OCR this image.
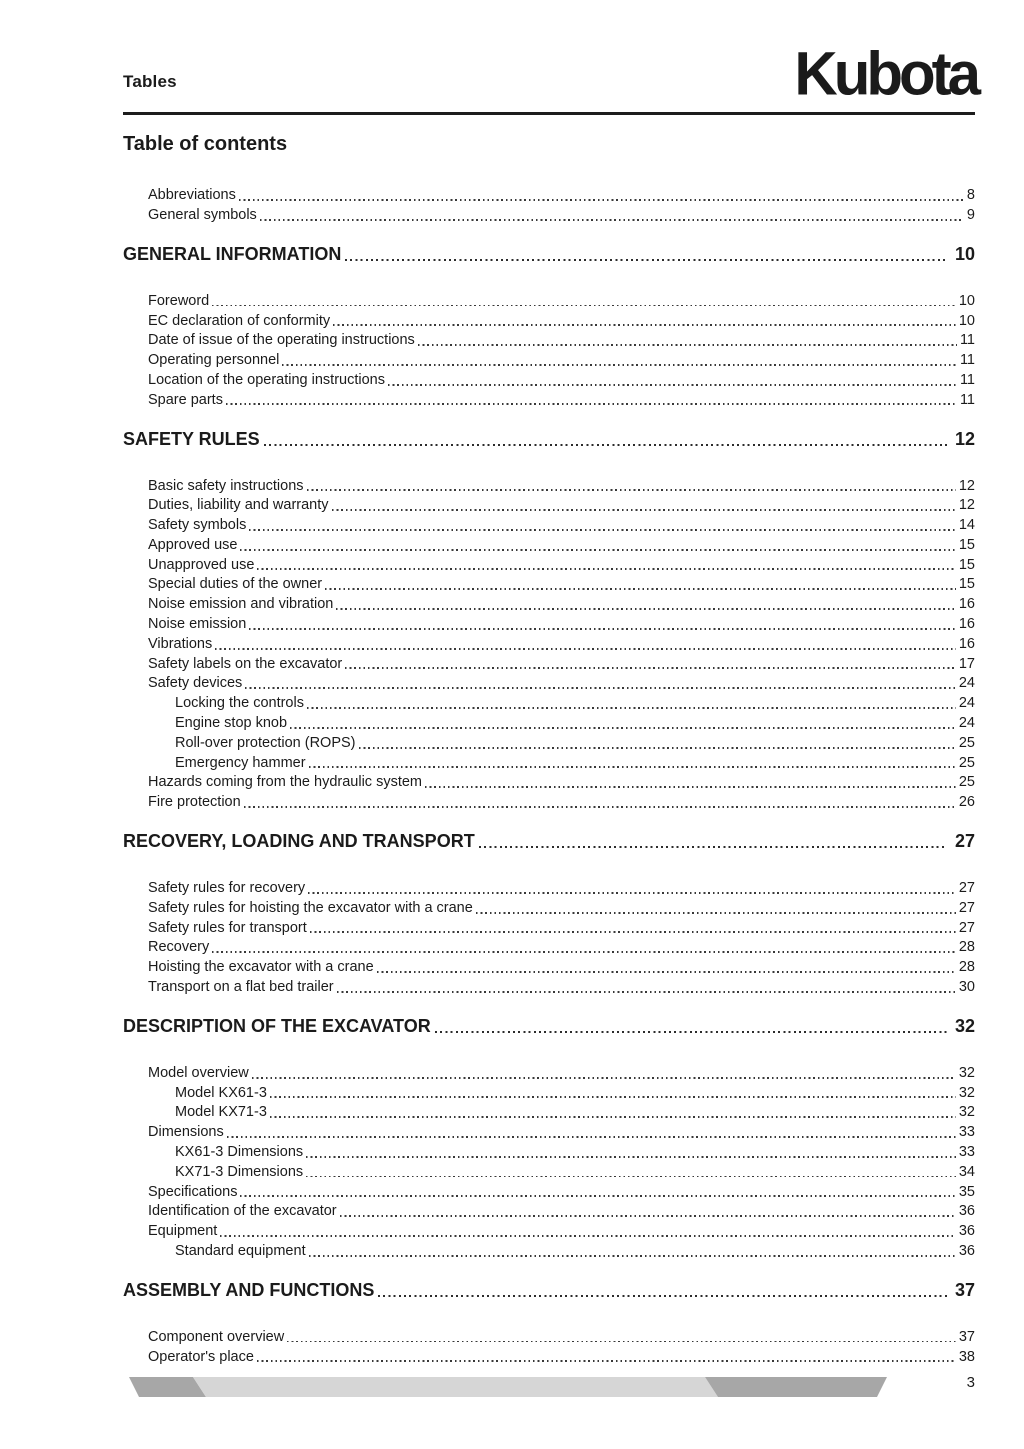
Tables	Kubota
Table of contents
Abbreviations	8
General symbols	9
GENERAL INFORMATION	10
Foreword	10
EC declaration of conformity	10
Date of issue of the operating instructions	11
Operating personnel	11
Location of the operating instructions	11
Spare parts	11
SAFETY RULES	12
Basic safety instructions	12
Duties, liability and warranty	12
Safety symbols	14
Approved use	15
Unapproved use	15
Special duties of the owner	15
Noise emission and vibration	16
Noise emission	16
Vibrations	16
Safety labels on the excavator	17
Safety devices	24
Locking the controls	24
Engine stop knob	24
Roll-over protection (ROPS)	25
Emergency hammer	25
Hazards coming from the hydraulic system	25
Fire protection	26
RECOVERY, LOADING AND TRANSPORT	27
Safety rules for recovery	27
Safety rules for hoisting the excavator with a crane	27
Safety rules for transport	27
Recovery	28
Hoisting the excavator with a crane	28
Transport on a flat bed trailer	30
DESCRIPTION OF THE EXCAVATOR	32
Model overview	32
Model KX61-3	32
Model KX71-3	32
Dimensions	33
KX61-3 Dimensions	33
KX71-3 Dimensions	34
Specifications	35
Identification of the excavator	36
Equipment	36
Standard equipment	36
ASSEMBLY AND FUNCTIONS	37
Component overview	37
Operator's place	38
3
